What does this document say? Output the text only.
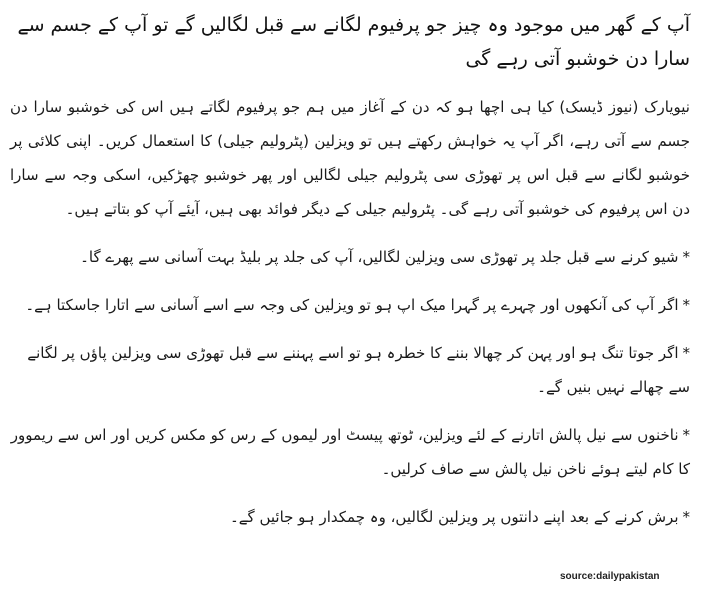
آپ کے گھر میں موجود وہ چیز جو پرفیوم لگانے سے قبل لگالیں گے تو آپ کے جسم سے سارا دن خوشبو آتی رہے گی

نیویارک (نیوز ڈیسک) کیا ہی اچھا ہو کہ دن کے آغاز میں ہم جو پرفیوم لگاتے ہیں اس کی خوشبو سارا دن جسم سے آتی رہے، اگر آپ یہ خواہش رکھتے ہیں تو ویزلین (پٹرولیم جیلی) کا استعمال کریں۔ اپنی کلائی پر خوشبو لگانے سے قبل اس پر تھوڑی سی پٹرولیم جیلی لگالیں اور پھر خوشبو چھڑکیں، اسکی وجہ سے سارا دن اس پرفیوم کی خوشبو آتی رہے گی۔ پٹرولیم جیلی کے دیگر فوائد بھی ہیں، آیئے آپ کو بتاتے ہیں۔

*شیو کرنے سے قبل جلد پر تھوڑی سی ویزلین لگالیں، آپ کی جلد پر بلیڈ بہت آسانی سے پھرے گا۔
*اگر آپ کی آنکھوں اور چہرے پر گہرا میک اپ ہو تو ویزلین کی وجہ سے اسے آسانی سے اتارا جاسکتا ہے۔
*اگر جوتا تنگ ہو اور پہن کر چھالا بننے کا خطرہ ہو تو اسے پہننے سے قبل تھوڑی سی ویزلین پاؤں پر لگانے سے چھالے نہیں بنیں گے۔
*ناخنوں سے نیل پالش اتارنے کے لئے ویزلین، ٹوتھ پیسٹ اور لیموں کے رس کو مکس کریں اور اس سے ریموور کا کام لیتے ہوئے ناخن نیل پالش سے صاف کرلیں۔
*برش کرنے کے بعد اپنے دانتوں پر ویزلین لگالیں، وہ چمکدار ہو جائیں گے۔
source:dailypakistan
